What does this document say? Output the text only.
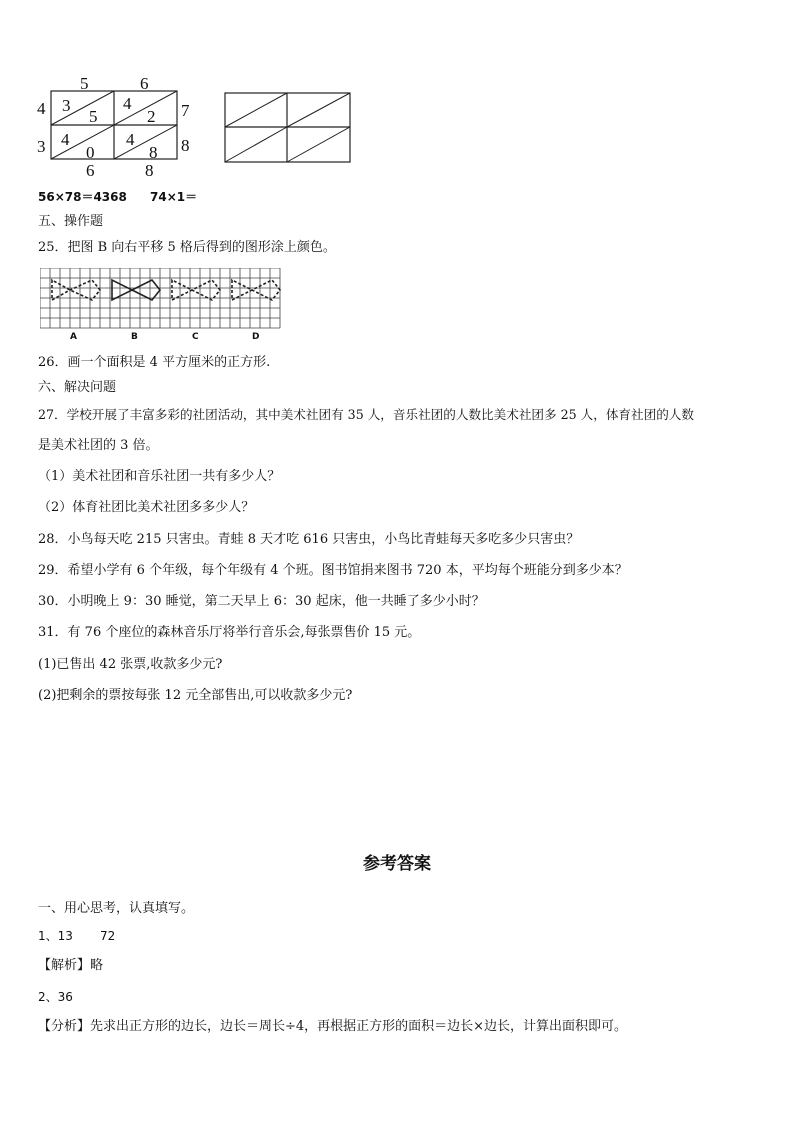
5	6
4
3
7
8
6	8
3
5
4
2
4
0
4
8
56×78＝4368 74×1＝
五、操作题
25．把图 B 向右平移 5 格后得到的图形涂上颜色。
A	B	C	D
26．画一个面积是 4 平方厘米的正方形.
六、解决问题
27．学校开展了丰富多彩的社团活动，其中美术社团有 35 人，音乐社团的人数比美术社团多 25 人，体育社团的人数
是美术社团的 3 倍。
（1）美术社团和音乐社团一共有多少人？
（2）体育社团比美术社团多多少人？
28．小鸟每天吃 215 只害虫。青蛙 8 天才吃 616 只害虫，小鸟比青蛙每天多吃多少只害虫？
29．希望小学有 6 个年级，每个年级有 4 个班。图书馆捐来图书 720 本，平均每个班能分到多少本？
30．小明晚上 9：30 睡觉，第二天早上 6：30 起床，他一共睡了多少小时？
31．有 76 个座位的森林音乐厅将举行音乐会,每张票售价 15 元。
(1)已售出 42 张票,收款多少元?
(2)把剩余的票按每张 12 元全部售出,可以收款多少元?
参考答案
一、用心思考，认真填写。
1、13 72
【解析】略
2、36
【分析】先求出正方形的边长，边长＝周长÷4，再根据正方形的面积＝边长×边长，计算出面积即可。
